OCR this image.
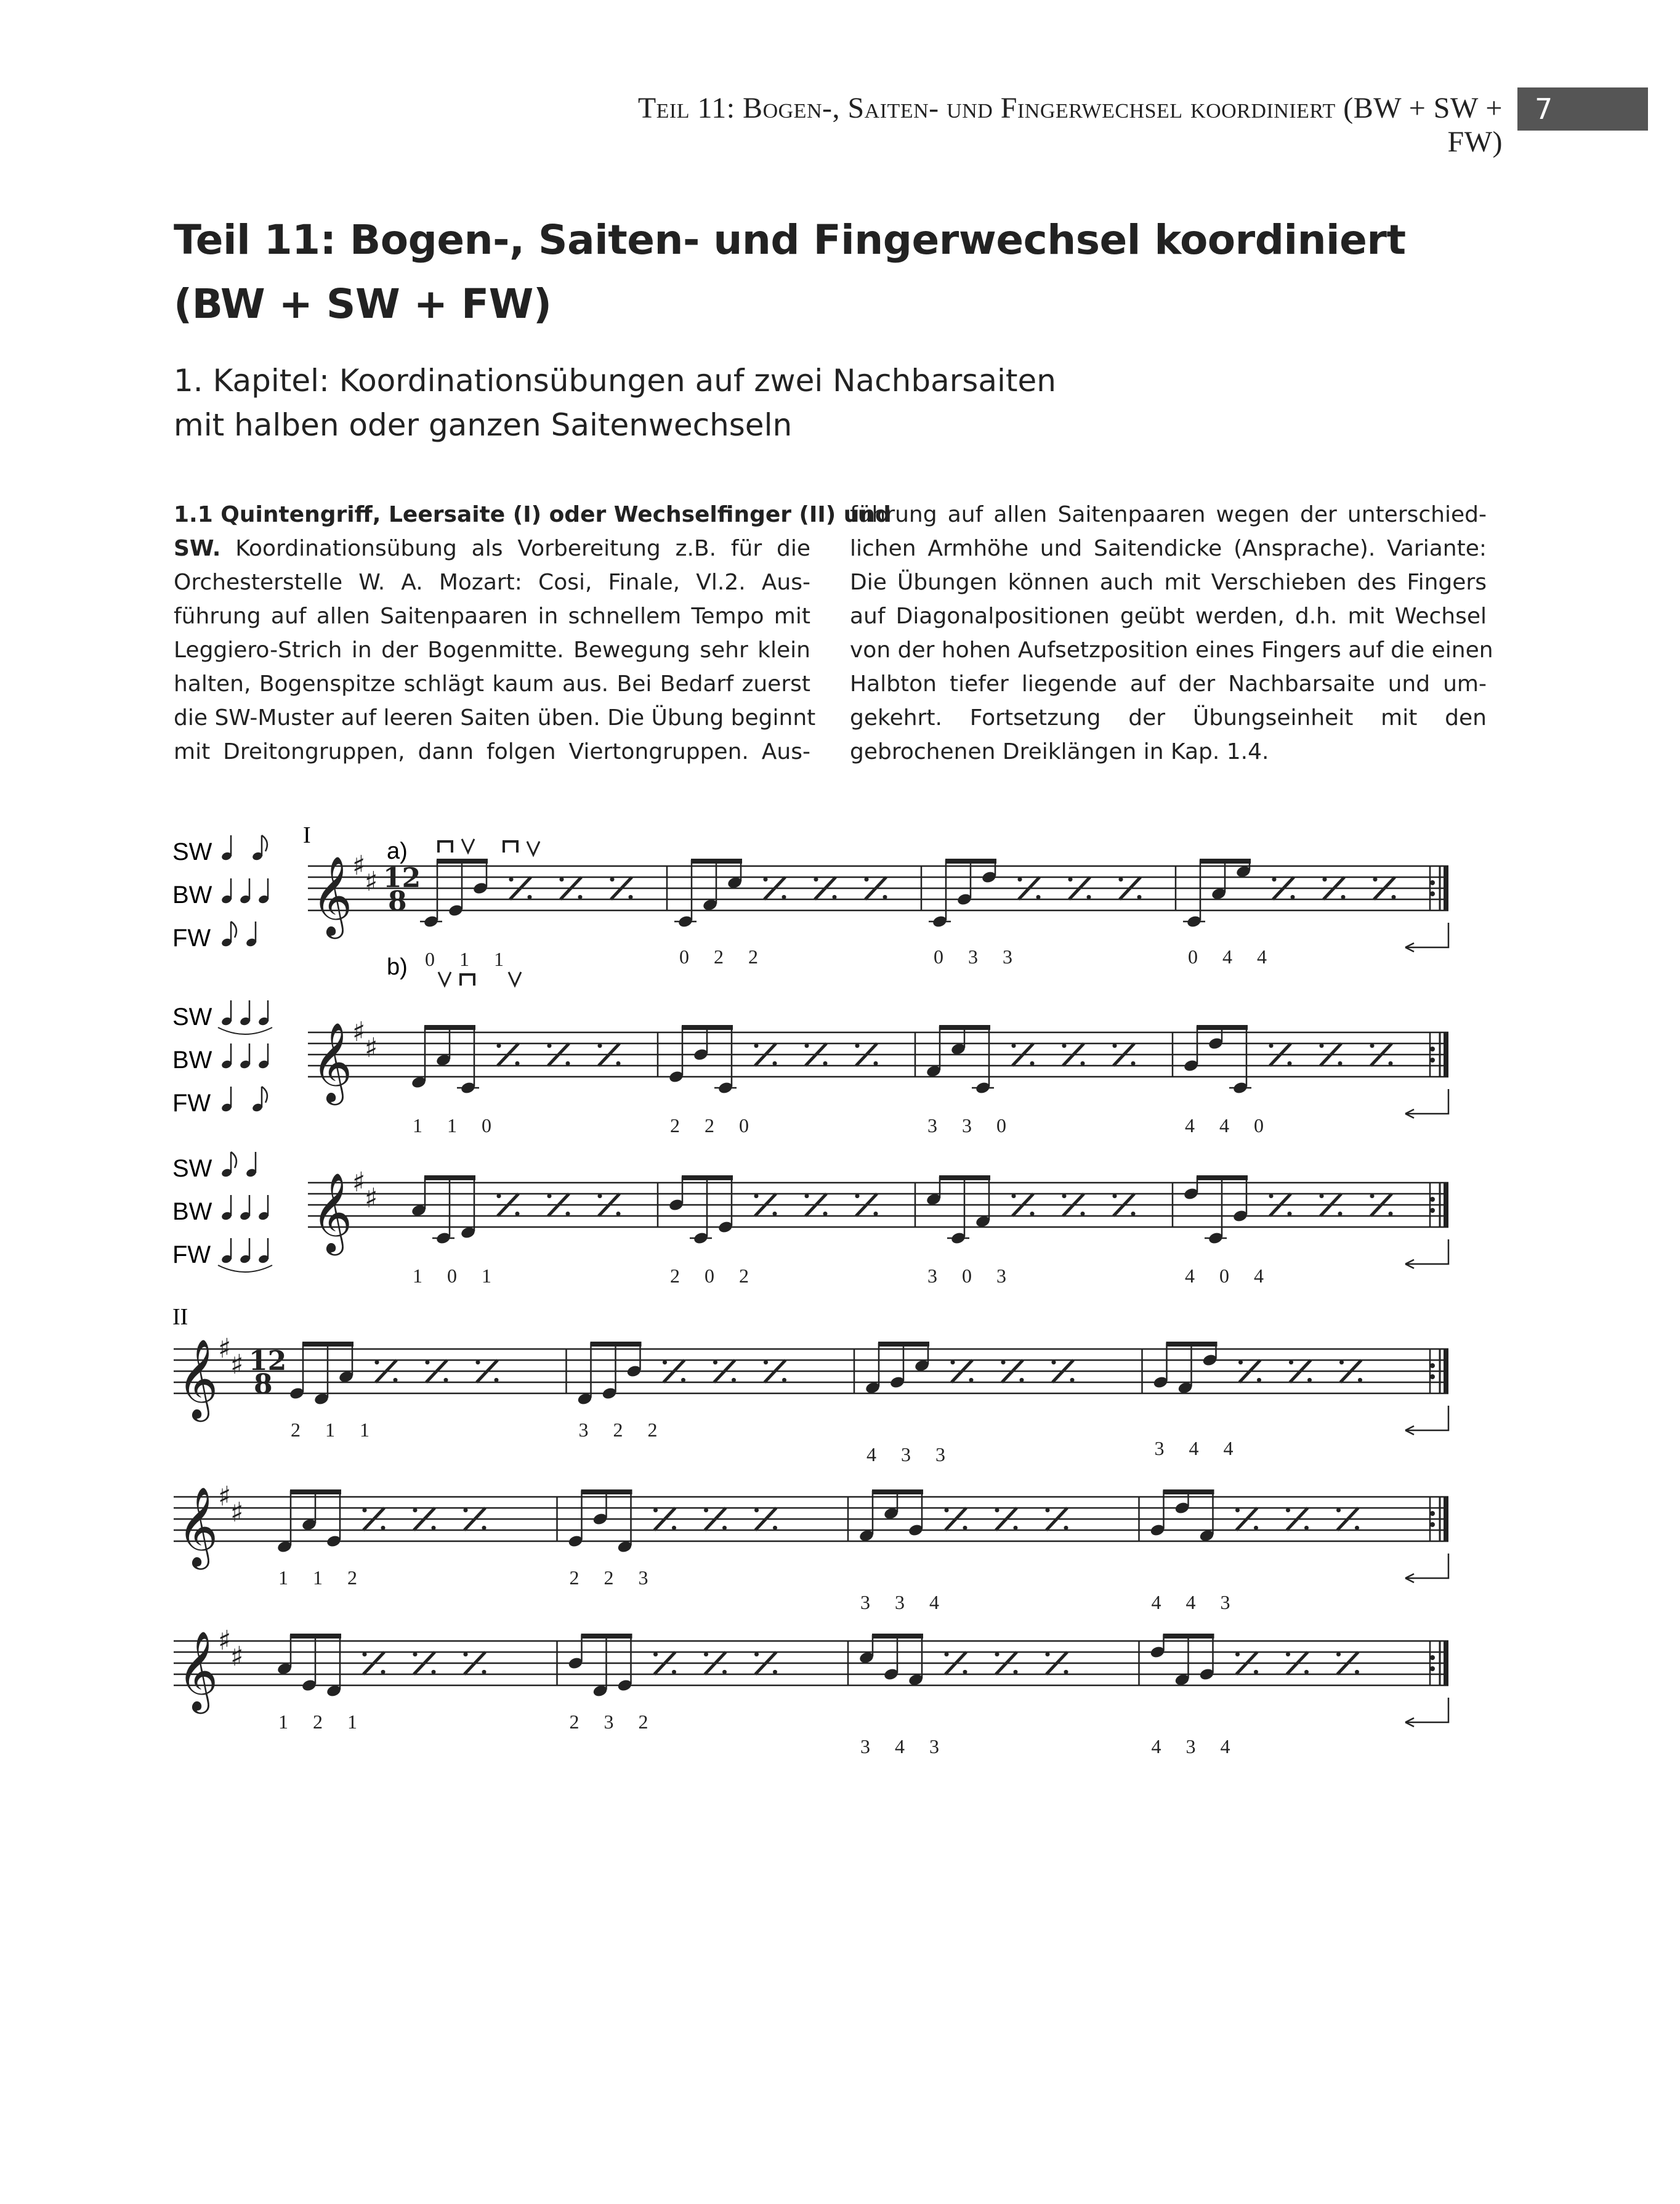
Teil 11: Bogen-, Saiten- und Fingerwechsel koordiniert (BW + SW + FW)
7
Teil 11: Bogen-, Saiten- und Fingerwechsel koordiniert
(BW + SW + FW)
1. Kapitel: Koordinationsübungen auf zwei Nachbarsaiten
mit halben oder ganzen Saitenwechseln
1.1 Quintengriff, Leersaite (I) oder Wechselfinger (II) und
SW. Koordinationsübung als Vorbereitung z.B. für die
Orchesterstelle W. A. Mozart: Cosi, Finale, Vl.2. Aus-
führung auf allen Saitenpaaren in schnellem Tempo mit
Leggiero-Strich in der Bogenmitte. Bewegung sehr klein
halten, Bogenspitze schlägt kaum aus. Bei Bedarf zuerst
die SW-Muster auf leeren Saiten üben. Die Übung beginnt
mit Dreitongruppen, dann folgen Viertongruppen. Aus-
führung auf allen Saitenpaaren wegen der unterschied-
lichen Armhöhe und Saitendicke (Ansprache). Variante:
Die Übungen können auch mit Verschieben des Fingers
auf Diagonalpositionen geübt werden, d.h. mit Wechsel
von der hohen Aufsetzposition eines Fingers auf die einen
Halbton tiefer liegende auf der Nachbarsaite und um-
gekehrt. Fortsetzung der Übungseinheit mit den
gebrochenen Dreiklängen in Kap. 1.4.
SW
BW
FW
SW
BW
FW
SW
BW
FW
I
II
a)
b)
𝄞 ♯
♯ 12
8
0 1 1	0 2 2	0 3 3	0 4 4
𝄞 ♯
♯
1 1 0	2 2 0	3 3 0	4 4 0
𝄞 ♯
♯
1 0 1	2 0 2	3 0 3	4 0 4
𝄞 ♯
♯ 12
8
2 1 1	3 2 2
4 3 3	3 4 4
𝄞 ♯
♯
1 1 2	2 2 3
3 3 4	4 4 3
𝄞 ♯
♯
1 2 1	2 3 2
3 4 3	4 3 4
